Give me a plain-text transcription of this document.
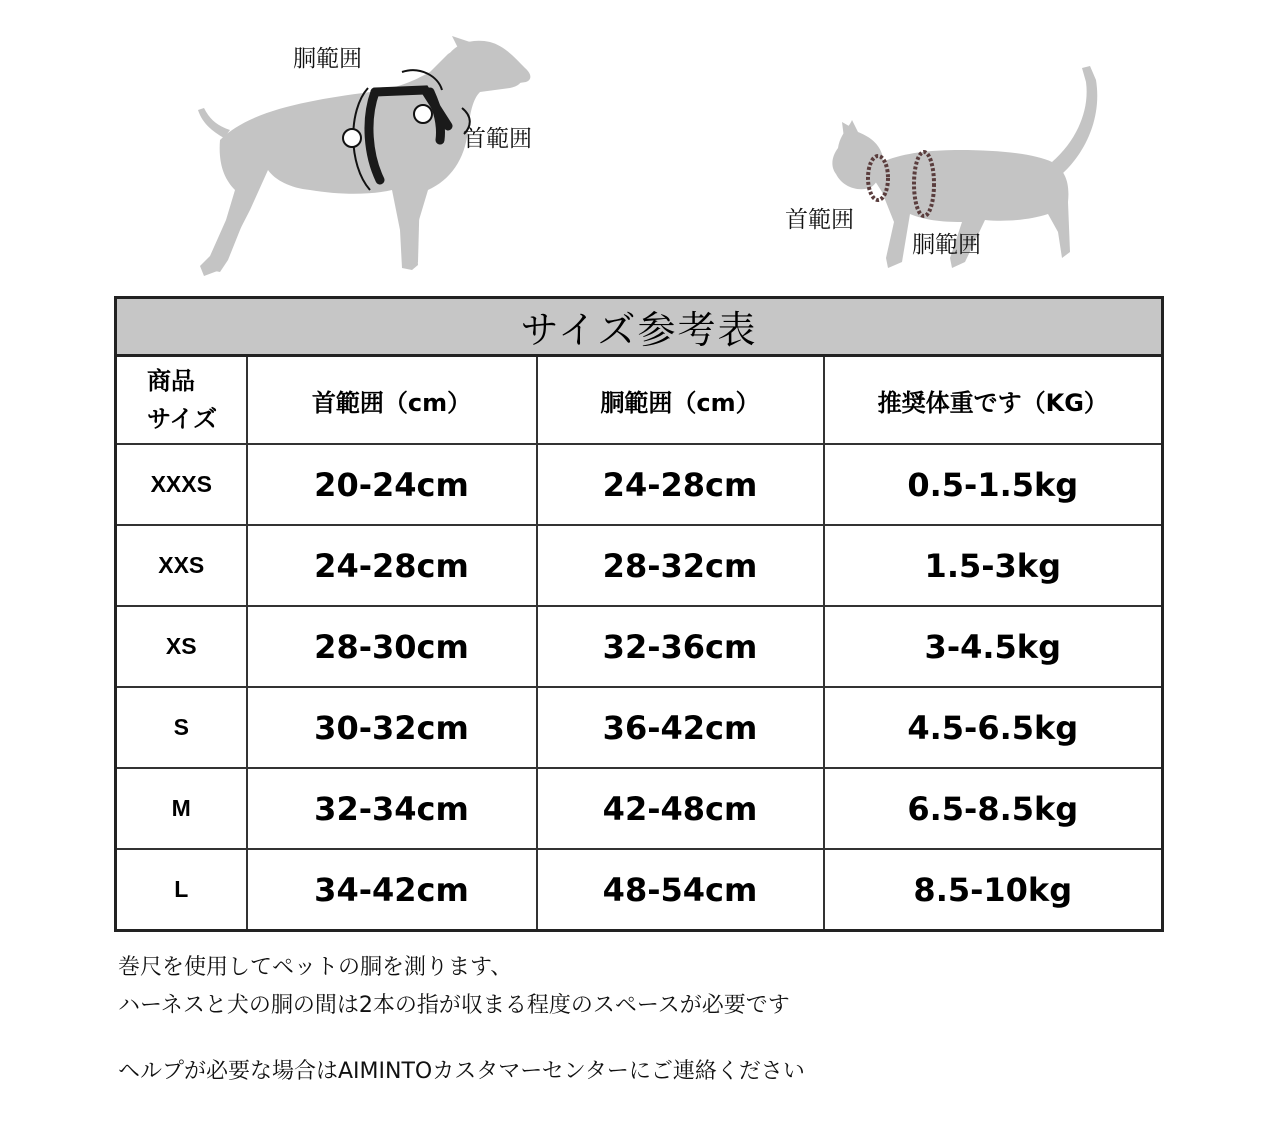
胴範囲
首範囲
首範囲
胴範囲
サイズ参考表			
商品
サイズ	首範囲（cm）	胴範囲（cm）	推奨体重です（KG）
XXXS	20-24cm	24-28cm	0.5-1.5kg
XXS	24-28cm	28-32cm	1.5-3kg
XS	28-30cm	32-36cm	3-4.5kg
S	30-32cm	36-42cm	4.5-6.5kg
M	32-34cm	42-48cm	6.5-8.5kg
L	34-42cm	48-54cm	8.5-10kg
巻尺を使用してペットの胴を測ります、
ハーネスと犬の胴の間は2本の指が収まる程度のスペースが必要です
ヘルプが必要な場合はAIMINTOカスタマーセンターにご連絡ください
